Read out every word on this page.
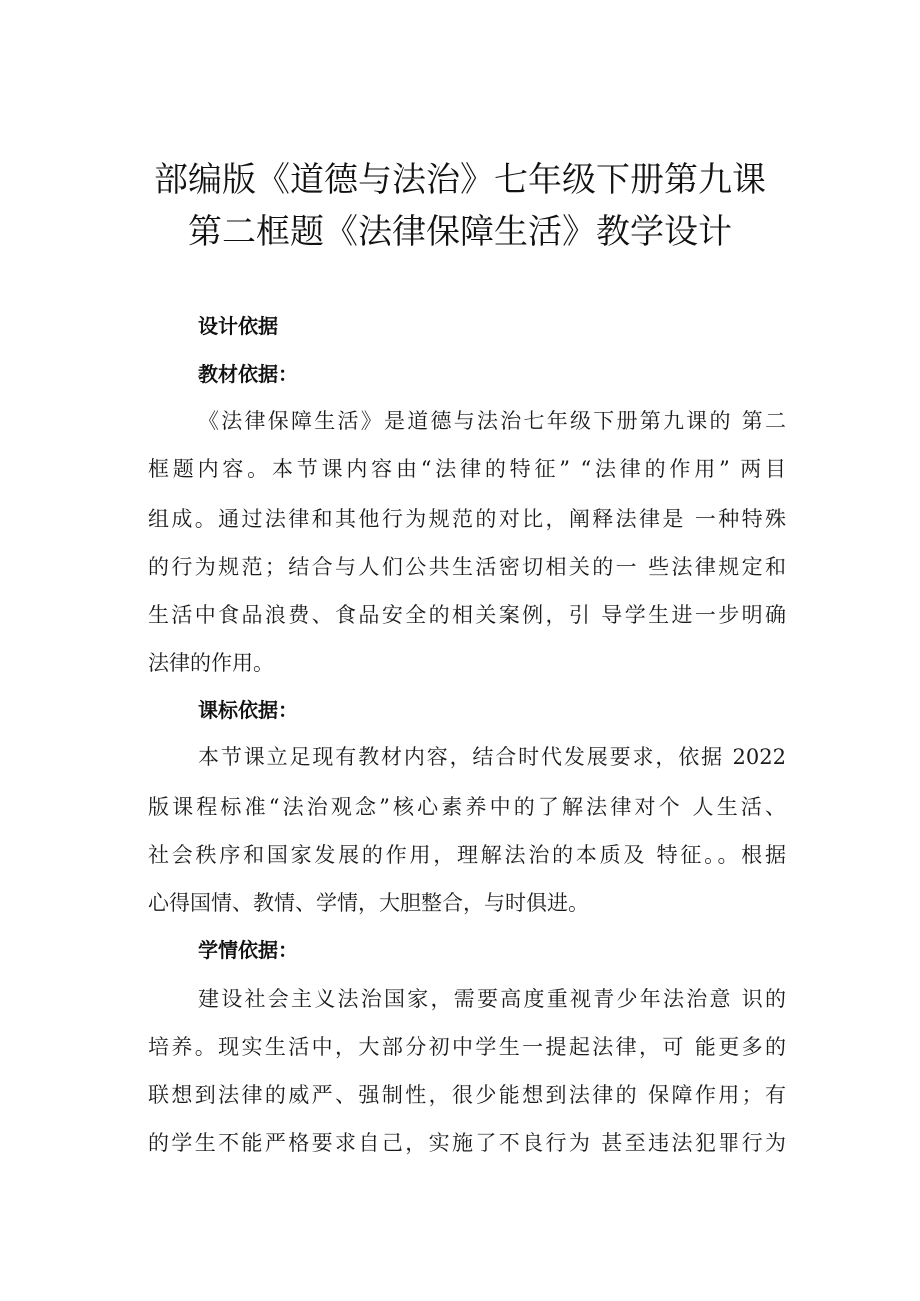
部编版《道德与法治》七年级下册第九课
第二框题《法律保障生活》教学设计
设计依据
教材依据：
《法律保障生活》是道德与法治七年级下册第九课的 第二
框题内容。本节课内容由“法律的特征” “法律的作用” 两目
组成。通过法律和其他行为规范的对比，阐释法律是 一种特殊
的行为规范；结合与人们公共生活密切相关的一 些法律规定和
生活中食品浪费、食品安全的相关案例，引 导学生进一步明确
法律的作用。
课标依据：
本节课立足现有教材内容，结合时代发展要求，依据 2022
版课程标准“法治观念”核心素养中的了解法律对个 人生活、
社会秩序和国家发展的作用，理解法治的本质及 特征。。根据
心得国情、教情、学情，大胆整合，与时俱进。
学情依据：
建设社会主义法治国家，需要高度重视青少年法治意 识的
培养。现实生活中，大部分初中学生一提起法律，可 能更多的
联想到法律的威严、强制性，很少能想到法律的 保障作用；有
的学生不能严格要求自己，实施了不良行为 甚至违法犯罪行为
